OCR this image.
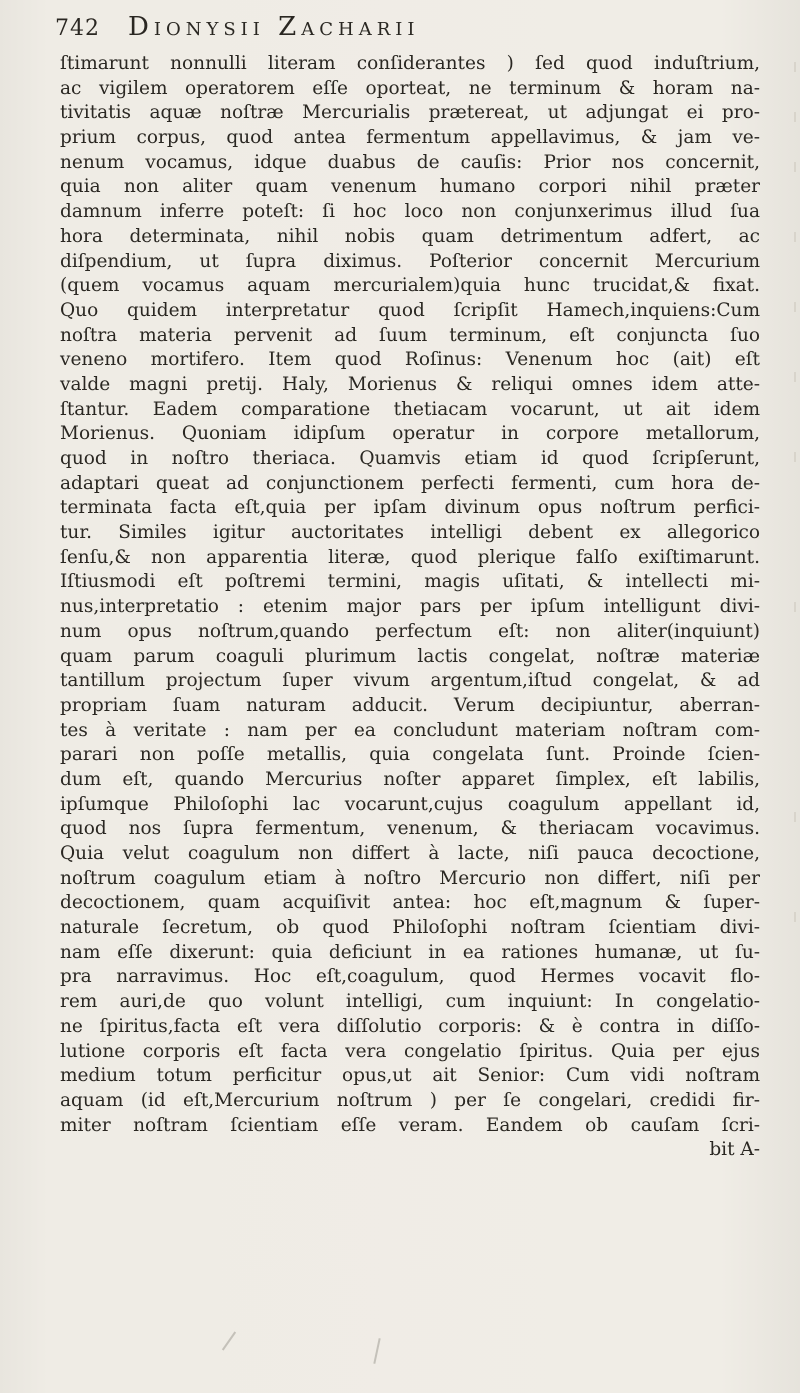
742 Dionysii Zacharii
ſtimarunt nonnulli literam conſiderantes ) ſed quod induſtrium,
ac vigilem operatorem eſſe oporteat, ne terminum & horam na-
tivitatis aquæ noſtræ Mercurialis prætereat, ut adjungat ei pro-
prium corpus, quod antea fermentum appellavimus, & jam ve-
nenum vocamus, idque duabus de cauſis: Prior nos concernit,
quia non aliter quam venenum humano corpori nihil præter
damnum inferre poteſt: ſi hoc loco non conjunxerimus illud ſua
hora determinata, nihil nobis quam detrimentum adfert, ac
diſpendium, ut ſupra diximus. Poſterior concernit Mercurium
(quem vocamus aquam mercurialem)quia hunc trucidat,& fixat.
Quo quidem interpretatur quod ſcripſit Hamech,inquiens:Cum
noſtra materia pervenit ad ſuum terminum, eſt conjuncta ſuo
veneno mortifero. Item quod Roſinus: Venenum hoc (ait) eſt
valde magni pretij. Haly, Morienus & reliqui omnes idem atte-
ſtantur. Eadem comparatione thetiacam vocarunt, ut ait idem
Morienus. Quoniam idipſum operatur in corpore metallorum,
quod in noſtro theriaca. Quamvis etiam id quod ſcripſerunt,
adaptari queat ad conjunctionem perfecti fermenti, cum hora de-
terminata facta eſt,quia per ipſam divinum opus noſtrum perfici-
tur. Similes igitur auctoritates intelligi debent ex allegorico
ſenſu,& non apparentia literæ, quod plerique falſo exiſtimarunt.
Iſtiusmodi eſt poſtremi termini, magis uſitati, & intellecti mi-
nus,interpretatio : etenim major pars per ipſum intelligunt divi-
num opus noſtrum,quando perfectum eſt: non aliter(inquiunt)
quam parum coaguli plurimum lactis congelat, noſtræ materiæ
tantillum projectum ſuper vivum argentum,iſtud congelat, & ad
propriam ſuam naturam adducit. Verum decipiuntur, aberran-
tes à veritate : nam per ea concludunt materiam noſtram com-
parari non poſſe metallis, quia congelata ſunt. Proinde ſcien-
dum eſt, quando Mercurius noſter apparet ſimplex, eſt labilis,
ipſumque Philoſophi lac vocarunt,cujus coagulum appellant id,
quod nos ſupra fermentum, venenum, & theriacam vocavimus.
Quia velut coagulum non differt à lacte, niſi pauca decoctione,
noſtrum coagulum etiam à noſtro Mercurio non differt, niſi per
decoctionem, quam acquiſivit antea: hoc eſt,magnum & ſuper-
naturale ſecretum, ob quod Philoſophi noſtram ſcientiam divi-
nam eſſe dixerunt: quia deficiunt in ea rationes humanæ, ut ſu-
pra narravimus. Hoc eſt,coagulum, quod Hermes vocavit flo-
rem auri,de quo volunt intelligi, cum inquiunt: In congelatio-
ne ſpiritus,facta eſt vera diſſolutio corporis: & è contra in diſſo-
lutione corporis eſt facta vera congelatio ſpiritus. Quia per ejus
medium totum perficitur opus,ut ait Senior: Cum vidi noſtram
aquam (id eſt,Mercurium noſtrum ) per ſe congelari, credidi fir-
miter noſtram ſcientiam eſſe veram. Eandem ob cauſam ſcri-
bit A-
